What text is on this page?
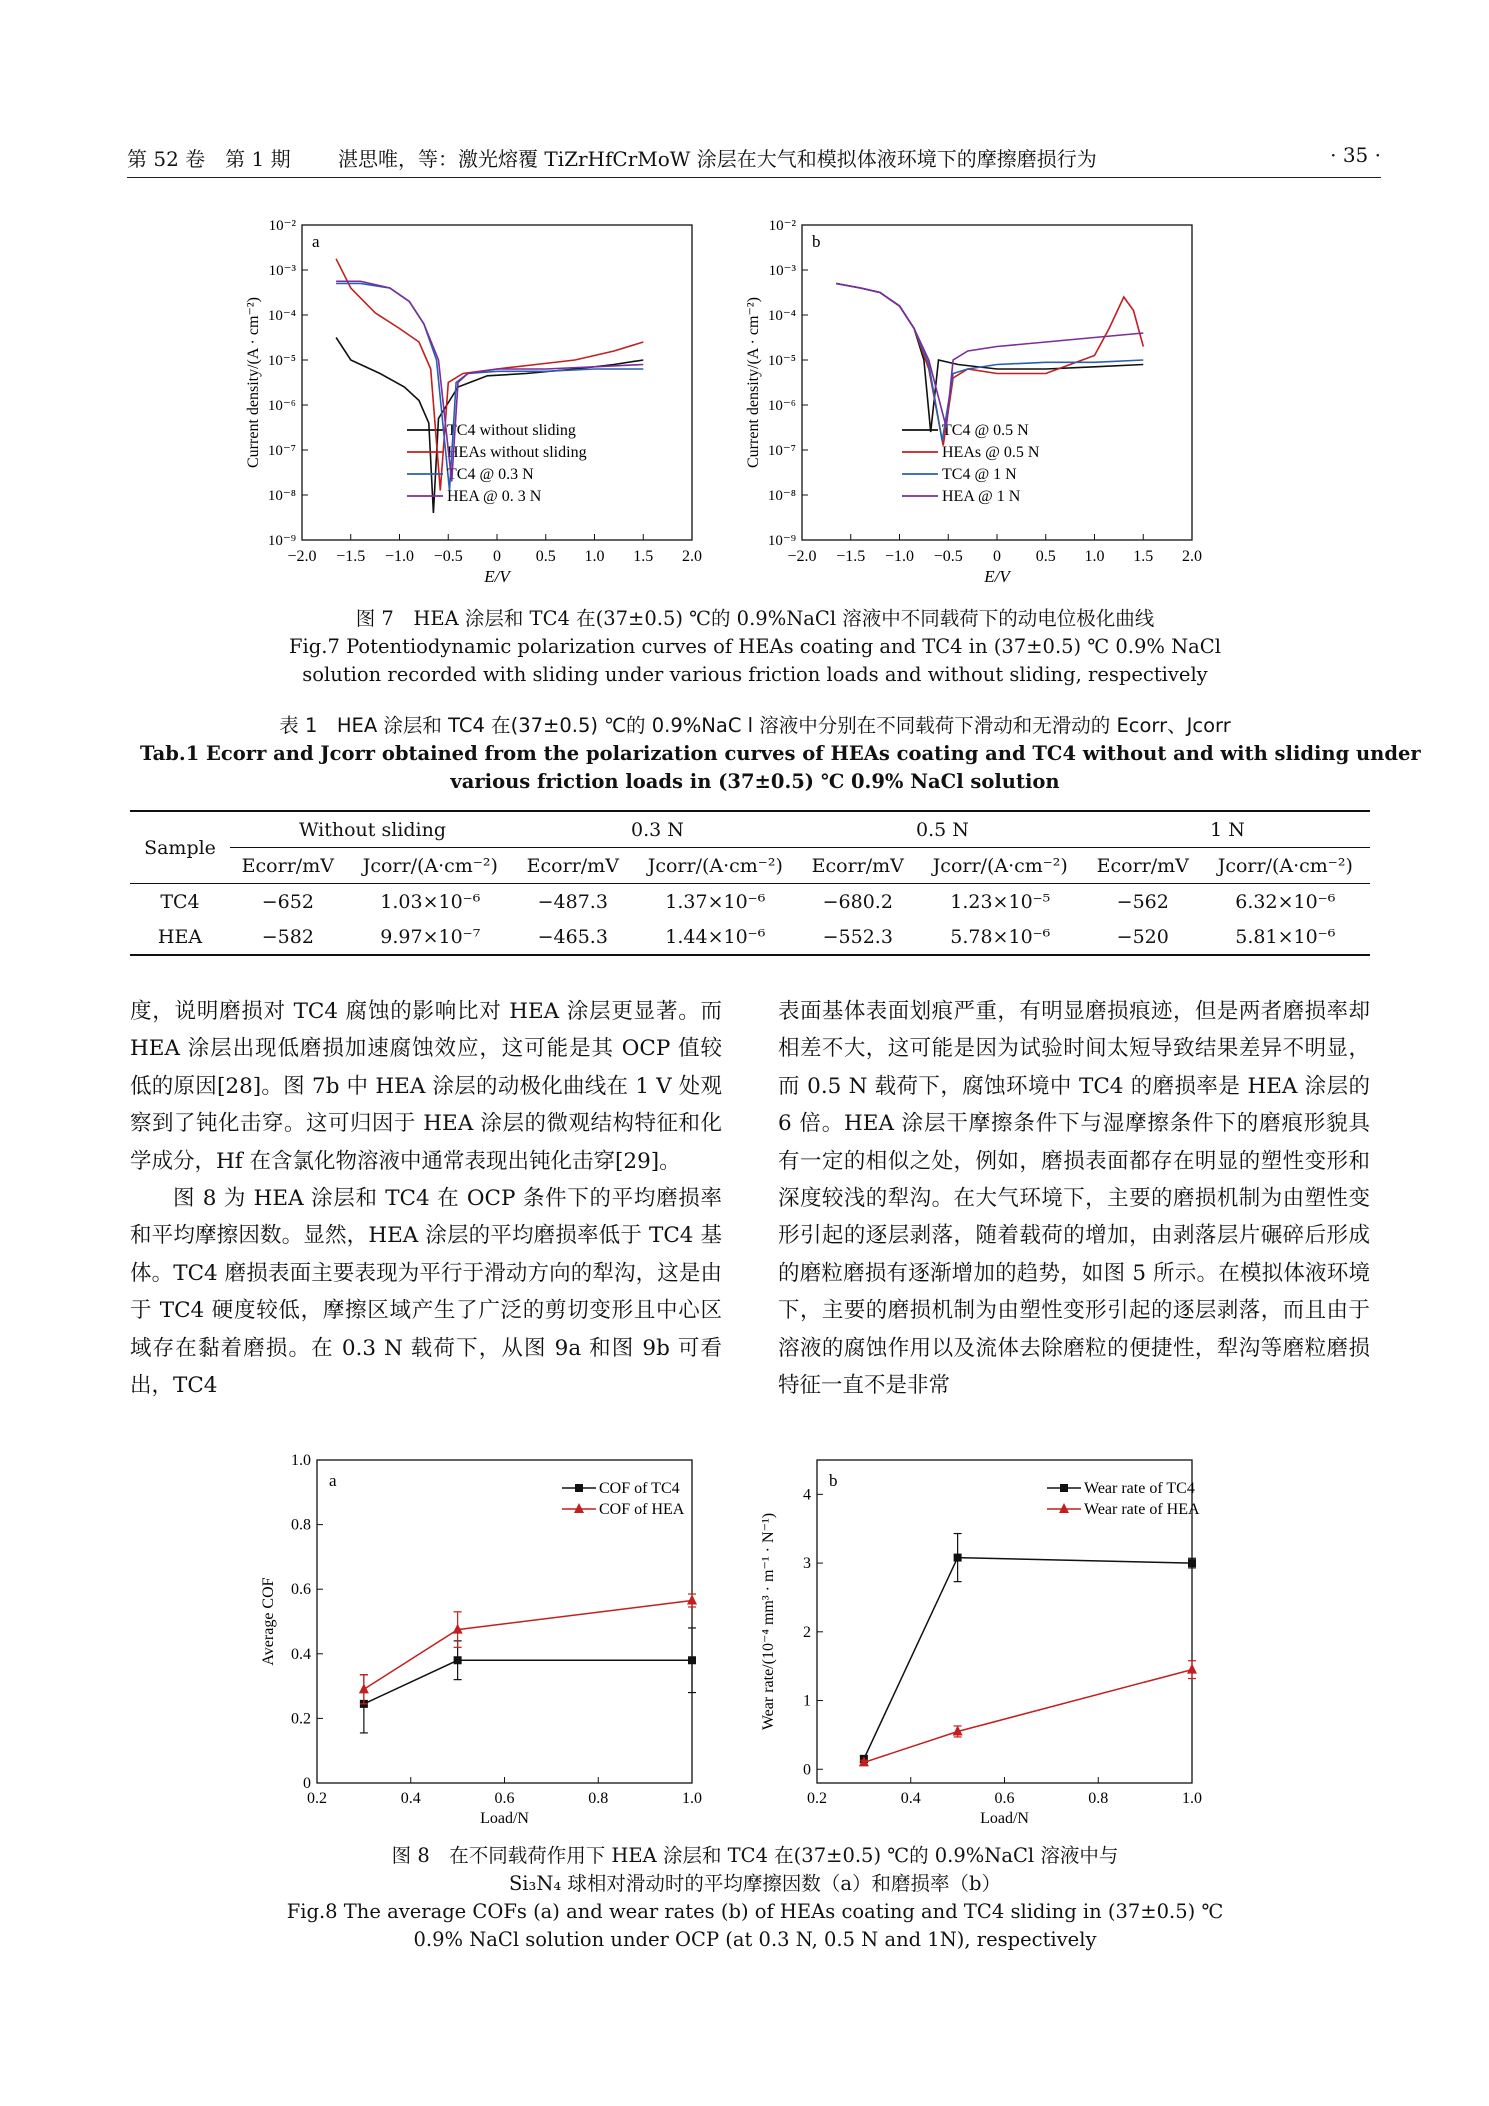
第 52 卷　第 1 期 湛思唯，等：激光熔覆 TiZrHfCrMoW 涂层在大气和模拟体液环境下的摩擦磨损行为	· 35 ·
−2.0 −1.5 −1.0 −0.5 0 0.5 1.0 1.5 2.0
10⁻⁹
10⁻⁸
10⁻⁷
10⁻⁶
10⁻⁵
10⁻⁴
10⁻³
10⁻²
E/V
Current density/(A · cm⁻²)
a
TC4 without sliding
HEAs without sliding
TC4 @ 0.3 N
HEA @ 0. 3 N
−2.0 −1.5 −1.0 −0.5 0 0.5 1.0 1.5 2.0
10⁻⁹
10⁻⁸
10⁻⁷
10⁻⁶
10⁻⁵
10⁻⁴
10⁻³
10⁻²
E/V
Current density/(A · cm⁻²)
b
TC4 @ 0.5 N
HEAs @ 0.5 N
TC4 @ 1 N
HEA @ 1 N
图 7　HEA 涂层和 TC4 在(37±0.5) ℃的 0.9%NaCl 溶液中不同载荷下的动电位极化曲线
Fig.7 Potentiodynamic polarization curves of HEAs coating and TC4 in (37±0.5) ℃ 0.9% NaCl
solution recorded with sliding under various friction loads and without sliding, respectively
表 1　HEA 涂层和 TC4 在(37±0.5) ℃的 0.9%NaC l 溶液中分别在不同载荷下滑动和无滑动的 Ecorr、Jcorr
Tab.1 Ecorr and Jcorr obtained from the polarization curves of HEAs coating and TC4 without and with sliding under
various friction loads in (37±0.5) ℃ 0.9% NaCl solution
Sample	Without sliding		0.3 N		0.5 N		1 N	
	Ecorr/mV	Jcorr/(A·cm⁻²)	Ecorr/mV	Jcorr/(A·cm⁻²)	Ecorr/mV	Jcorr/(A·cm⁻²)	Ecorr/mV	Jcorr/(A·cm⁻²)
TC4	−652	1.03×10⁻⁶	−487.3	1.37×10⁻⁶	−680.2	1.23×10⁻⁵	−562	6.32×10⁻⁶
HEA	−582	9.97×10⁻⁷	−465.3	1.44×10⁻⁶	−552.3	5.78×10⁻⁶	−520	5.81×10⁻⁶

度，说明磨损对 TC4 腐蚀的影响比对 HEA 涂层更显著。而 HEA 涂层出现低磨损加速腐蚀效应，这可能是其 OCP 值较低的原因[28]。图 7b 中 HEA 涂层的动极化曲线在 1 V 处观察到了钝化击穿。这可归因于 HEA 涂层的微观结构特征和化学成分，Hf 在含氯化物溶液中通常表现出钝化击穿[29]。

图 8 为 HEA 涂层和 TC4 在 OCP 条件下的平均磨损率和平均摩擦因数。显然，HEA 涂层的平均磨损率低于 TC4 基体。TC4 磨损表面主要表现为平行于滑动方向的犁沟，这是由于 TC4 硬度较低，摩擦区域产生了广泛的剪切变形且中心区域存在黏着磨损。在 0.3 N 载荷下，从图 9a 和图 9b 可看出，TC4

表面基体表面划痕严重，有明显磨损痕迹，但是两者磨损率却相差不大，这可能是因为试验时间太短导致结果差异不明显，而 0.5 N 载荷下，腐蚀环境中 TC4 的磨损率是 HEA 涂层的 6 倍。HEA 涂层干摩擦条件下与湿摩擦条件下的磨痕形貌具有一定的相似之处，例如，磨损表面都存在明显的塑性变形和深度较浅的犁沟。在大气环境下，主要的磨损机制为由塑性变形引起的逐层剥落，随着载荷的增加，由剥落层片碾碎后形成的磨粒磨损有逐渐增加的趋势，如图 5 所示。在模拟体液环境下，主要的磨损机制为由塑性变形引起的逐层剥落，而且由于溶液的腐蚀作用以及流体去除磨粒的便捷性，犁沟等磨粒磨损特征一直不是非常

0.2	0.4	0.6	0.8	1.0
0
0.2
0.4
0.6
0.8
1.0
Load/N
Average COF
a	COF of TC4
COF of HEA
0.2	0.4	0.6	0.8	1.0
0
1
2
3
4
Load/N
Wear rate/(10⁻⁴ mm³ · m⁻¹ · N⁻¹)
b	Wear rate of TC4
Wear rate of HEA
图 8　在不同载荷作用下 HEA 涂层和 TC4 在(37±0.5) ℃的 0.9%NaCl 溶液中与
Si₃N₄ 球相对滑动时的平均摩擦因数（a）和磨损率（b）
Fig.8 The average COFs (a) and wear rates (b) of HEAs coating and TC4 sliding in (37±0.5) ℃
0.9% NaCl solution under OCP (at 0.3 N, 0.5 N and 1N), respectively
